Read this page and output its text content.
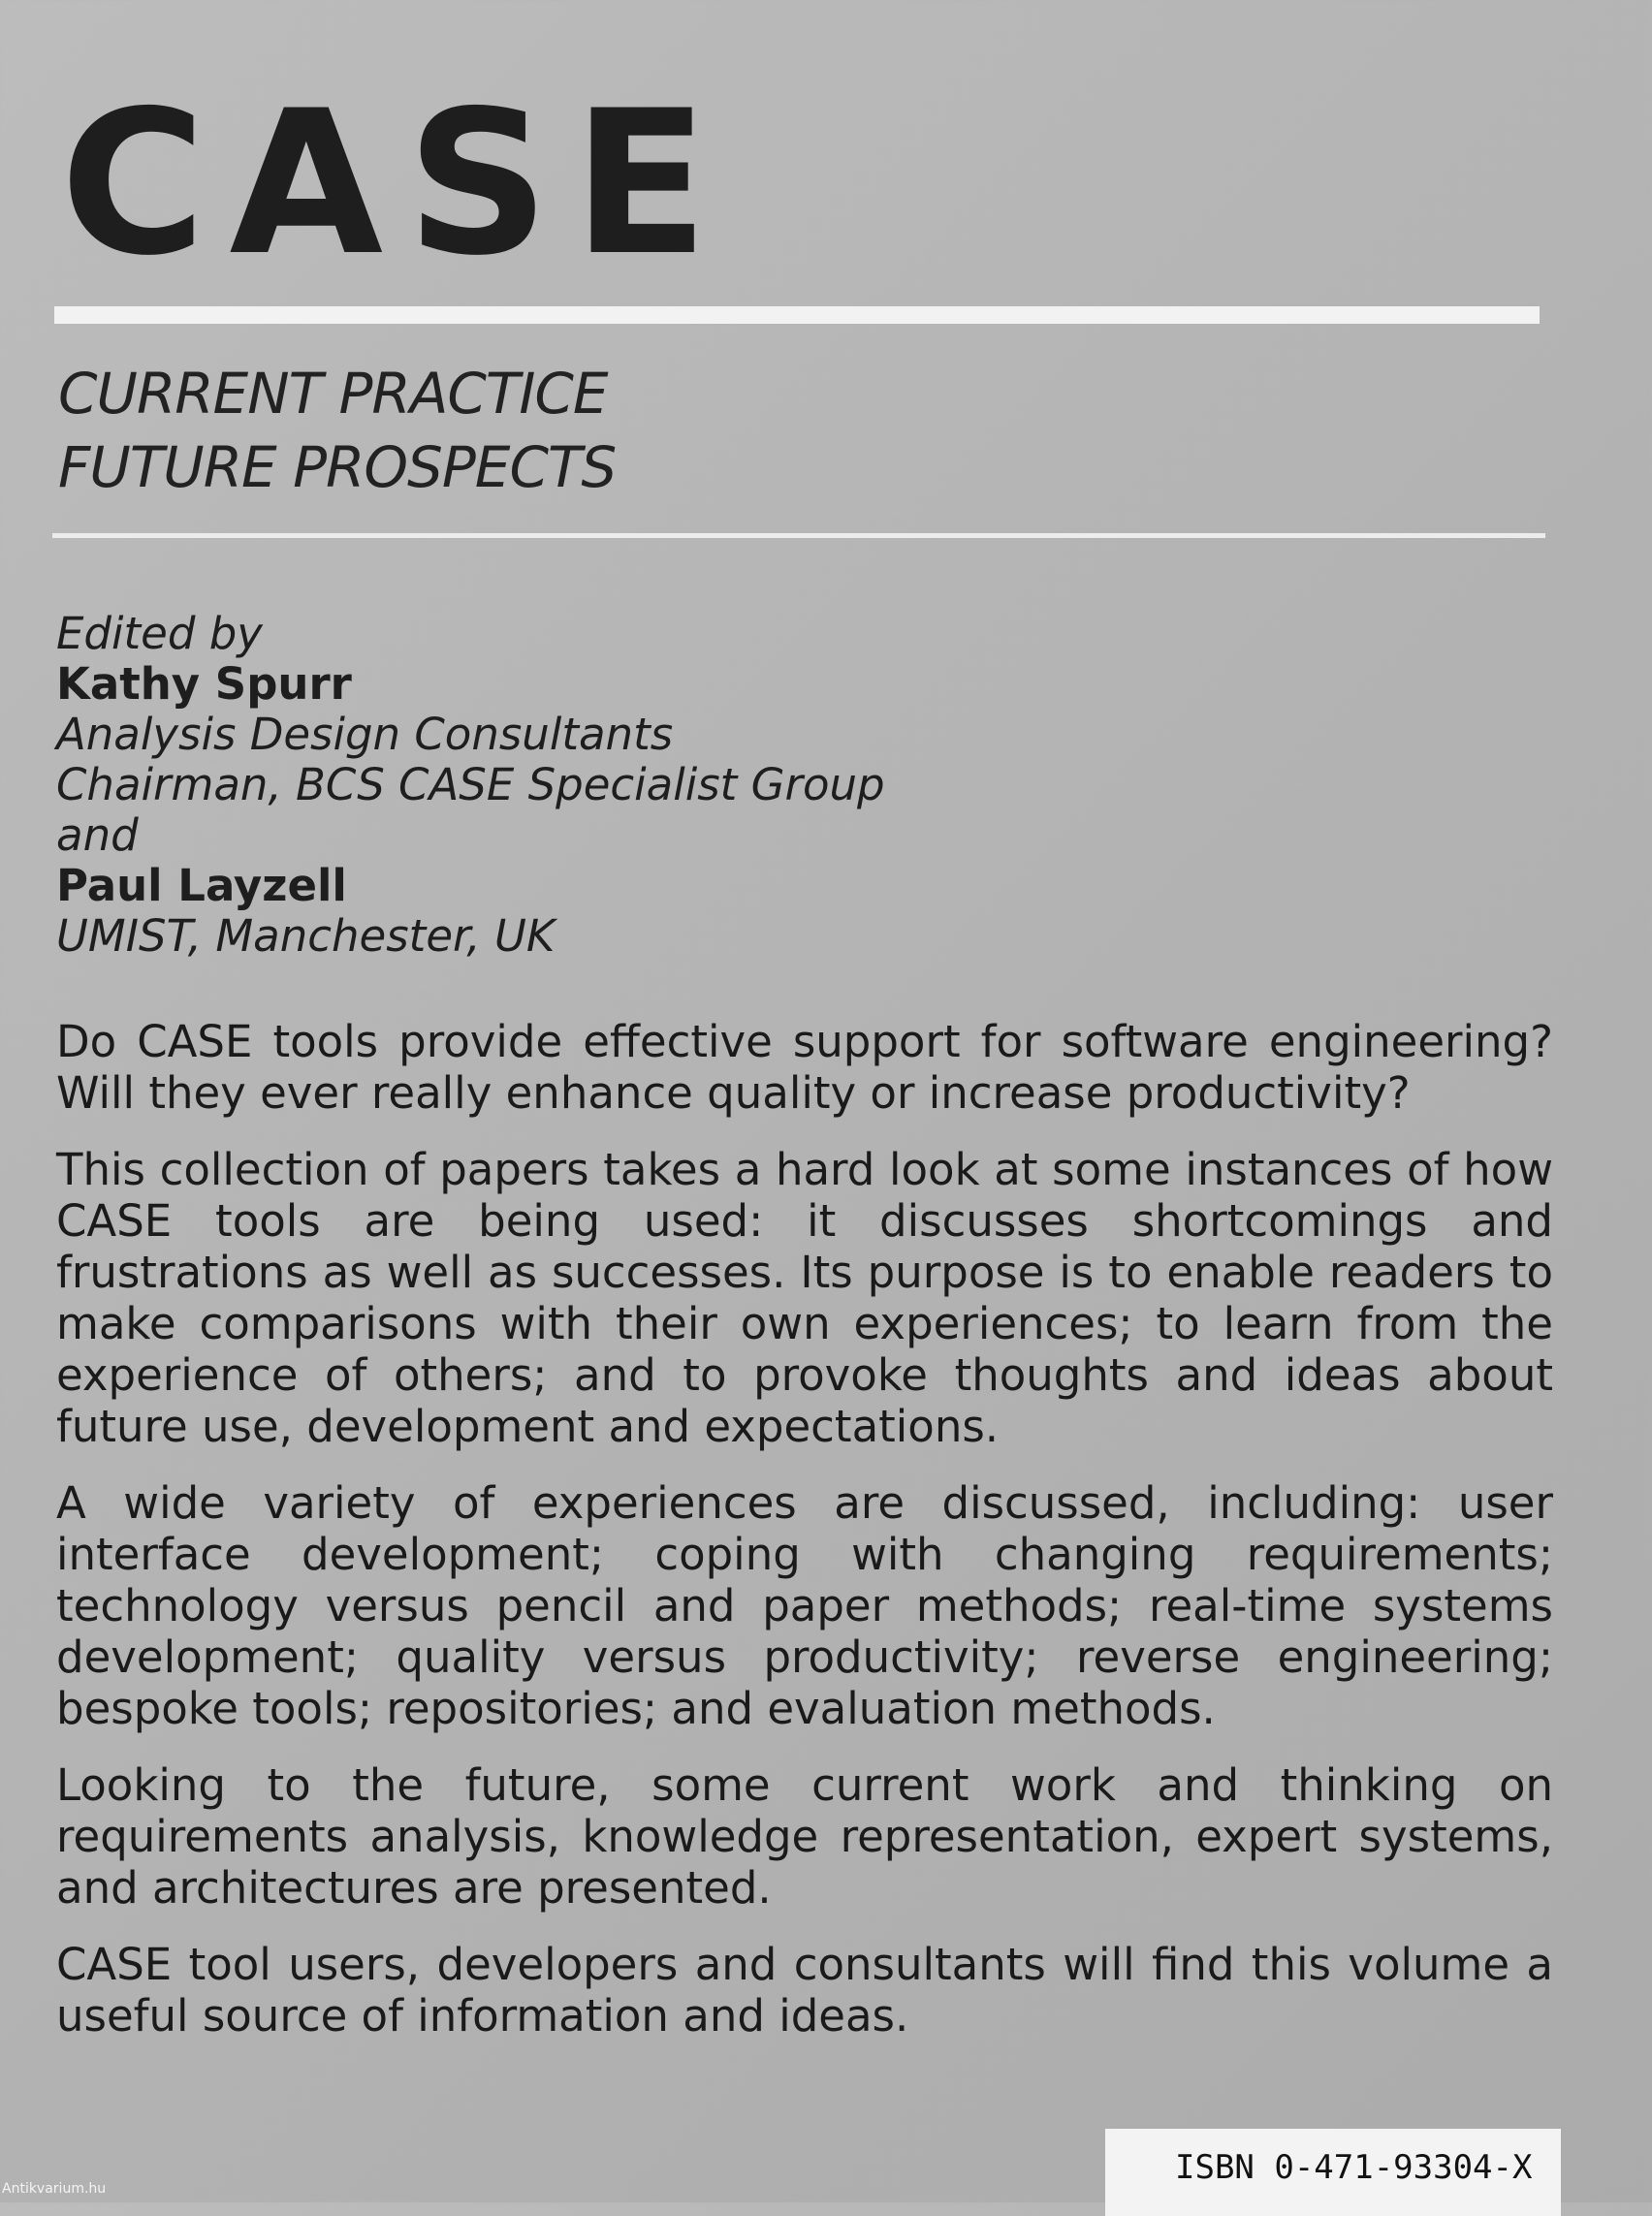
CASE
CURRENT PRACTICE
FUTURE PROSPECTS
Edited by
Kathy Spurr
Analysis Design Consultants
Chairman, BCS CASE Specialist Group
and
Paul Layzell
UMIST, Manchester, UK

Do CASE tools provide effective support for software engineering? Will they ever really enhance quality or increase productivity?

This collection of papers takes a hard look at some instances of how CASE tools are being used: it discusses shortcomings and frustrations as well as successes. Its purpose is to enable readers to make comparisons with their own experiences; to learn from the experience of others; and to provoke thoughts and ideas about future use, development and expectations.

A wide variety of experiences are discussed, including: user interface development; coping with changing requirements; technology versus pencil and paper methods; real-time systems development; quality versus productivity; reverse engineering; bespoke tools; repositories; and evaluation methods.

Looking to the future, some current work and thinking on requirements analysis, knowledge representation, expert systems, and architectures are presented.

CASE tool users, developers and consultants will find this volume a useful source of information and ideas.

ISBN 0-471-93304-X
Antikvarium.hu
